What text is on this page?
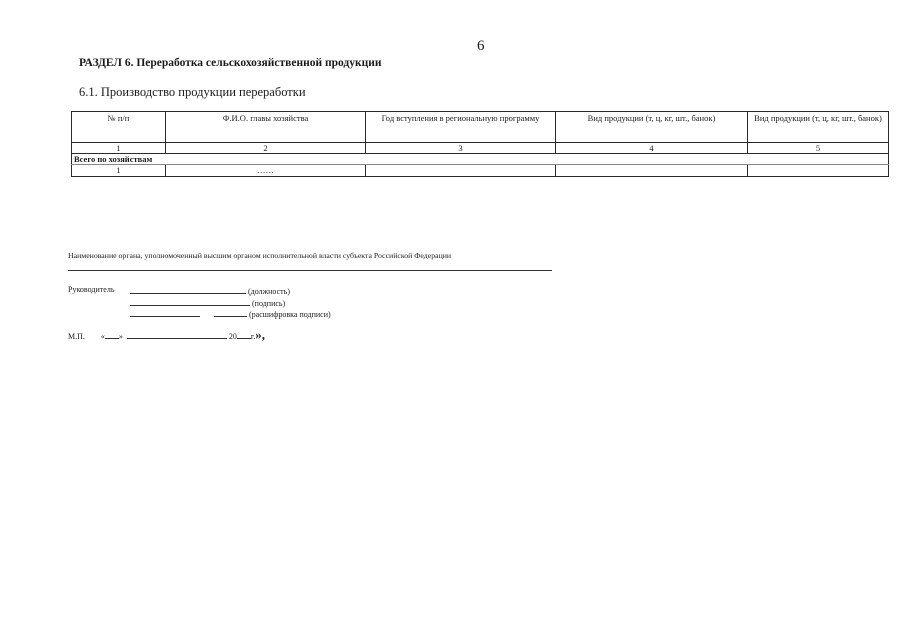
6
РАЗДЕЛ 6. Переработка сельскохозяйственной продукции
6.1. Производство продукции переработки
№ п/п	Ф.И.О. главы хозяйства	Год вступления в региональную программу	Вид продукции (т, ц, кг, шт., банок)	Вид продукции (т, ц, кг, шт., банок)
1	2	3	4	5
Всего по хозяйствам				
1	……			
Наименование органа, уполномоченный высшим органом исполнительной власти субъекта Российской Федерации
Руководитель	(должность)
(подпись)
(расшифровка подписи)
М.П. « »	20 г.»,
